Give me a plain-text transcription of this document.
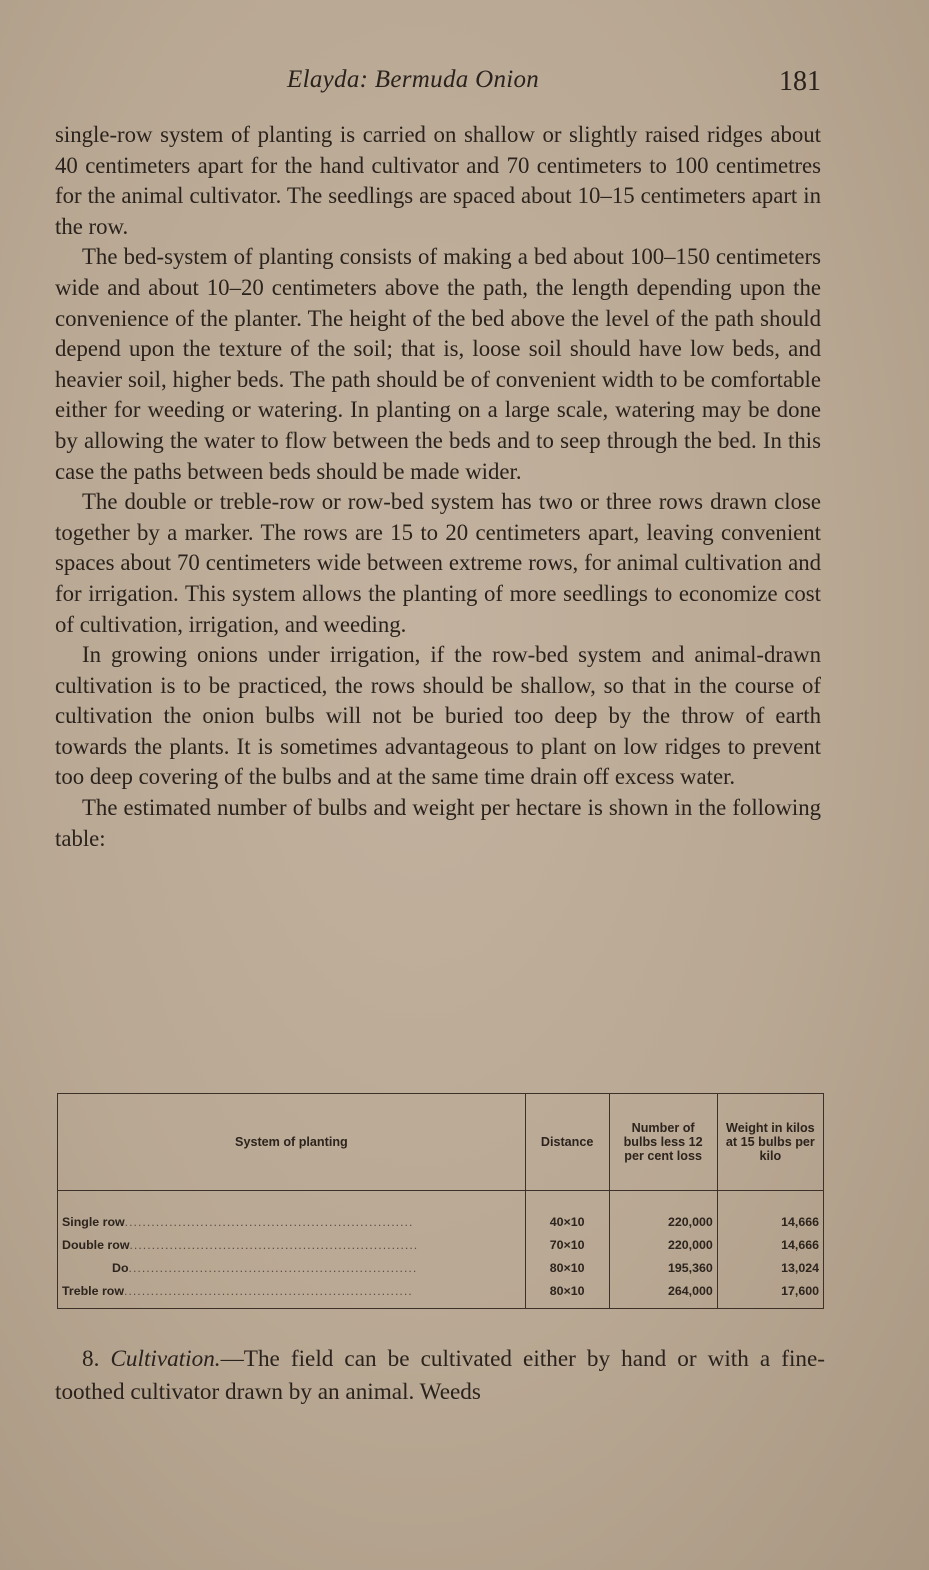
Elayda: Bermuda Onion	181

single-row system of planting is carried on shallow or slightly raised ridges about 40 centimeters apart for the hand cultivator and 70 centimeters to 100 centimetres for the animal cultivator. The seedlings are spaced about 10–15 centimeters apart in the row.

The bed-system of planting consists of making a bed about 100–150 centimeters wide and about 10–20 centimeters above the path, the length depending upon the convenience of the planter. The height of the bed above the level of the path should depend upon the texture of the soil; that is, loose soil should have low beds, and heavier soil, higher beds. The path should be of convenient width to be comfortable either for weeding or watering. In planting on a large scale, watering may be done by allowing the water to flow between the beds and to seep through the bed. In this case the paths between beds should be made wider.

The double or treble-row or row-bed system has two or three rows drawn close together by a marker. The rows are 15 to 20 centimeters apart, leaving convenient spaces about 70 centimeters wide between extreme rows, for animal cultivation and for irrigation. This system allows the planting of more seedlings to economize cost of cultivation, irrigation, and weeding.

In growing onions under irrigation, if the row-bed system and animal-drawn cultivation is to be practiced, the rows should be shallow, so that in the course of cultivation the onion bulbs will not be buried too deep by the throw of earth towards the plants. It is sometimes advantageous to plant on low ridges to prevent too deep covering of the bulbs and at the same time drain off excess water.

The estimated number of bulbs and weight per hectare is shown in the following table:

System of planting	Distance	Number of bulbs less 12 per cent loss	Weight in kilos at 15 bulbs per kilo

Single row.................................................................	40×10	220,000	14,666
Double row.................................................................	70×10	220,000	14,666
Do.................................................................	80×10	195,360	13,024
Treble row.................................................................	80×10	264,000	17,600

8. Cultivation.—The field can be cultivated either by hand or with a fine-toothed cultivator drawn by an animal. Weeds
